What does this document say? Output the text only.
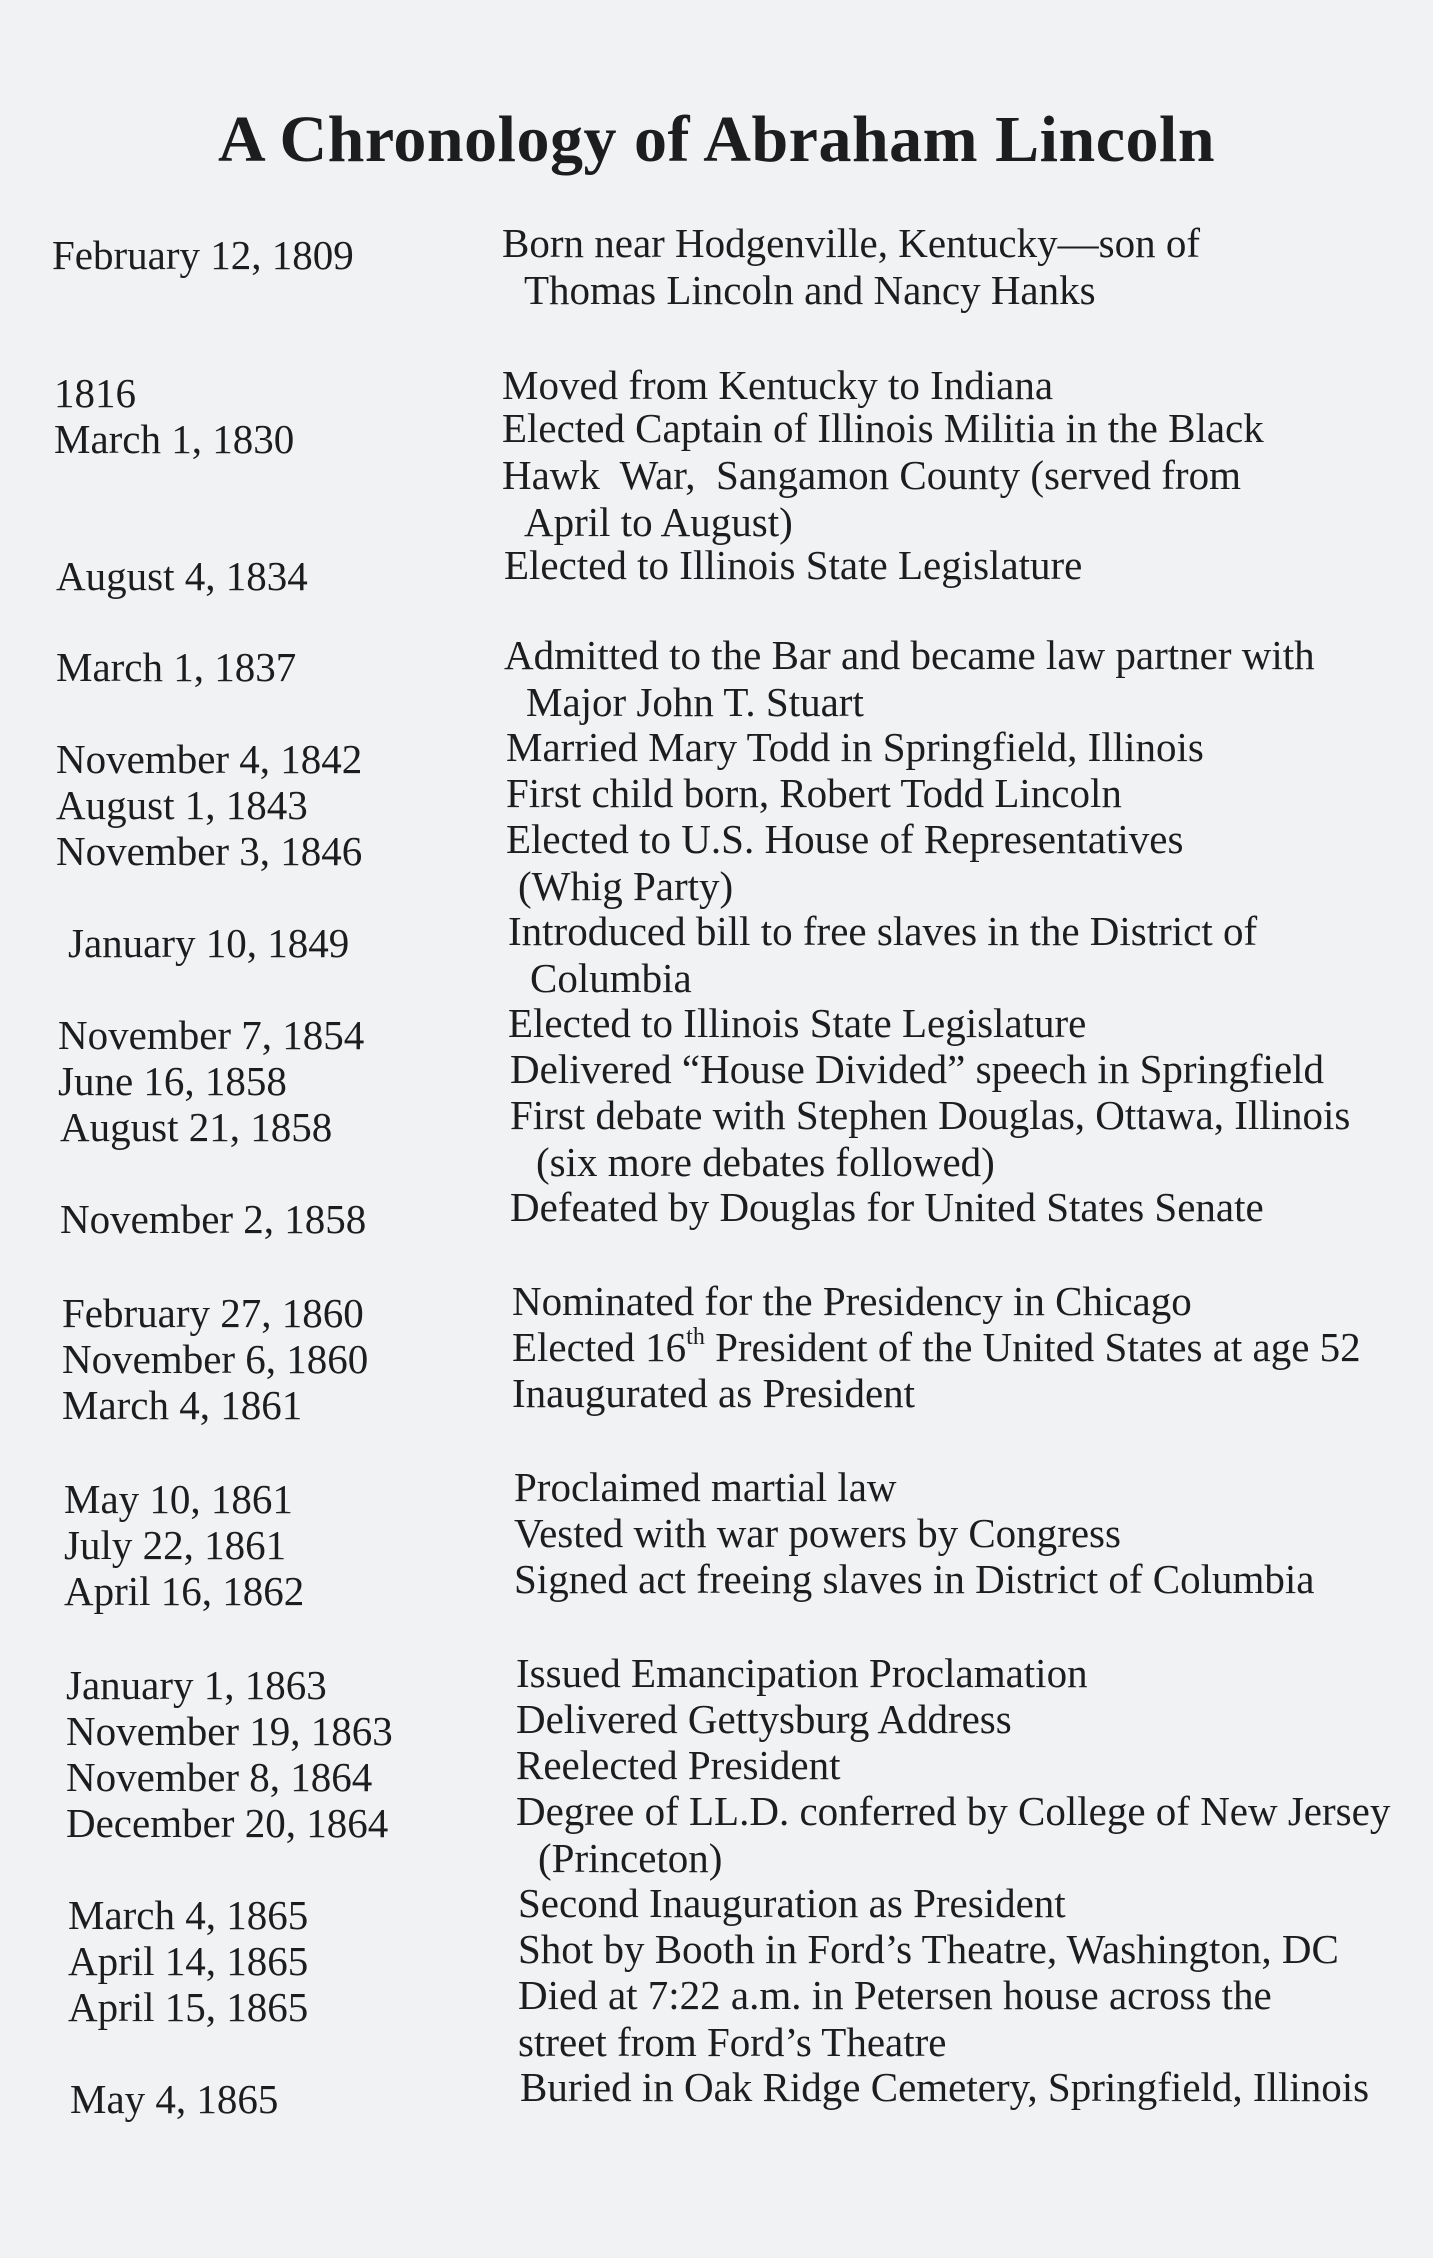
A Chronology of Abraham Lincoln
February 12, 1809	Born near Hodgenville, Kentucky—son of
Thomas Lincoln and Nancy Hanks
1816	Moved from Kentucky to Indiana
March 1, 1830	Elected Captain of Illinois Militia in the Black
Hawk  War,  Sangamon County (served from
April to August)
August 4, 1834	Elected to Illinois State Legislature
March 1, 1837	Admitted to the Bar and became law partner with
Major John T. Stuart
November 4, 1842	Married Mary Todd in Springfield, Illinois
August 1, 1843	First child born, Robert Todd Lincoln
November 3, 1846	Elected to U.S. House of Representatives
(Whig Party)
January 10, 1849	Introduced bill to free slaves in the District of
Columbia
November 7, 1854	Elected to Illinois State Legislature
June 16, 1858	Delivered “House Divided” speech in Springfield
August 21, 1858	First debate with Stephen Douglas, Ottawa, Illinois
(six more debates followed)
November 2, 1858	Defeated by Douglas for United States Senate
February 27, 1860	Nominated for the Presidency in Chicago
November 6, 1860	Elected 16th President of the United States at age 52
March 4, 1861	Inaugurated as President
May 10, 1861	Proclaimed martial law
July 22, 1861	Vested with war powers by Congress
April 16, 1862	Signed act freeing slaves in District of Columbia
January 1, 1863	Issued Emancipation Proclamation
November 19, 1863	Delivered Gettysburg Address
November 8, 1864	Reelected President
December 20, 1864	Degree of LL.D. conferred by College of New Jersey
(Princeton)
March 4, 1865	Second Inauguration as President
April 14, 1865	Shot by Booth in Ford’s Theatre, Washington, DC
April 15, 1865	Died at 7:22 a.m. in Petersen house across the
street from Ford’s Theatre
May 4, 1865	Buried in Oak Ridge Cemetery, Springfield, Illinois
